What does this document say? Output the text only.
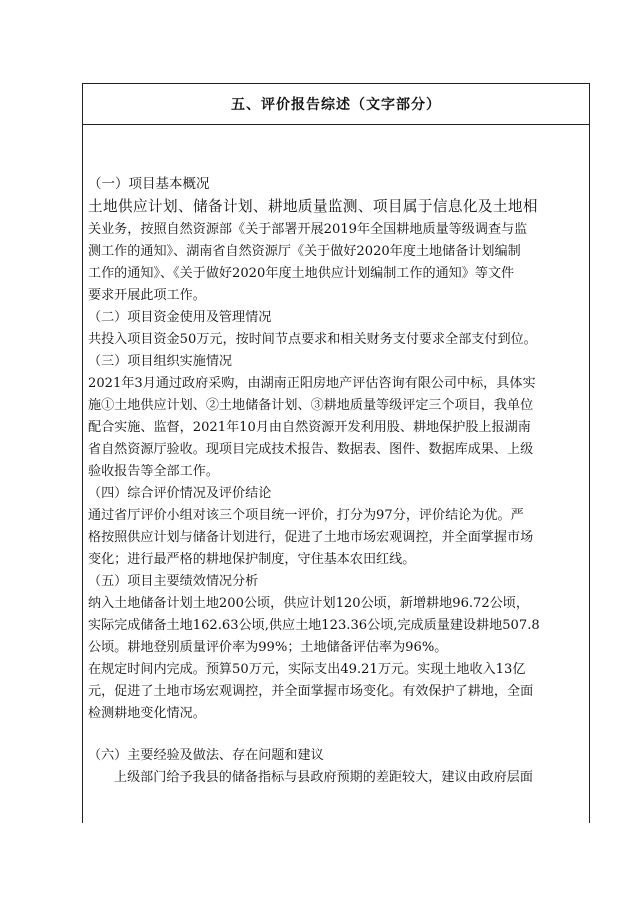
五、评价报告综述（文字部分）
（一）项目基本概况
土地供应计划、储备计划、耕地质量监测、项目属于信息化及土地相
关业务，按照自然资源部《关于部署开展2019年全国耕地质量等级调查与监
测工作的通知》、湖南省自然资源厅《关于做好2020年度土地储备计划编制
工作的通知》、《关于做好2020年度土地供应计划编制工作的通知》等文件
要求开展此项工作。
（二）项目资金使用及管理情况
共投入项目资金50万元，按时间节点要求和相关财务支付要求全部支付到位。
（三）项目组织实施情况
2021年3月通过政府采购，由湖南正阳房地产评估咨询有限公司中标，具体实
施①土地供应计划、②土地储备计划、③耕地质量等级评定三个项目，我单位
配合实施、监督，2021年10月由自然资源开发利用股、耕地保护股上报湖南
省自然资源厅验收。现项目完成技术报告、数据表、图件、数据库成果、上级
验收报告等全部工作。
（四）综合评价情况及评价结论
通过省厅评价小组对该三个项目统一评价，打分为97分，评价结论为优。严
格按照供应计划与储备计划进行，促进了土地市场宏观调控，并全面掌握市场
变化；进行最严格的耕地保护制度，守住基本农田红线。
（五）项目主要绩效情况分析
纳入土地储备计划土地200公顷，供应计划120公顷，新增耕地96.72公顷，
实际完成储备土地162.63公顷,供应土地123.36公顷,完成质量建设耕地507.8
公顷。耕地登别质量评价率为99%；土地储备评估率为96%。
在规定时间内完成。预算50万元，实际支出49.21万元。实现土地收入13亿
元，促进了土地市场宏观调控，并全面掌握市场变化。有效保护了耕地，全面
检测耕地变化情况。
（六）主要经验及做法、存在问题和建议
上级部门给予我县的储备指标与县政府预期的差距较大，建议由政府层面
